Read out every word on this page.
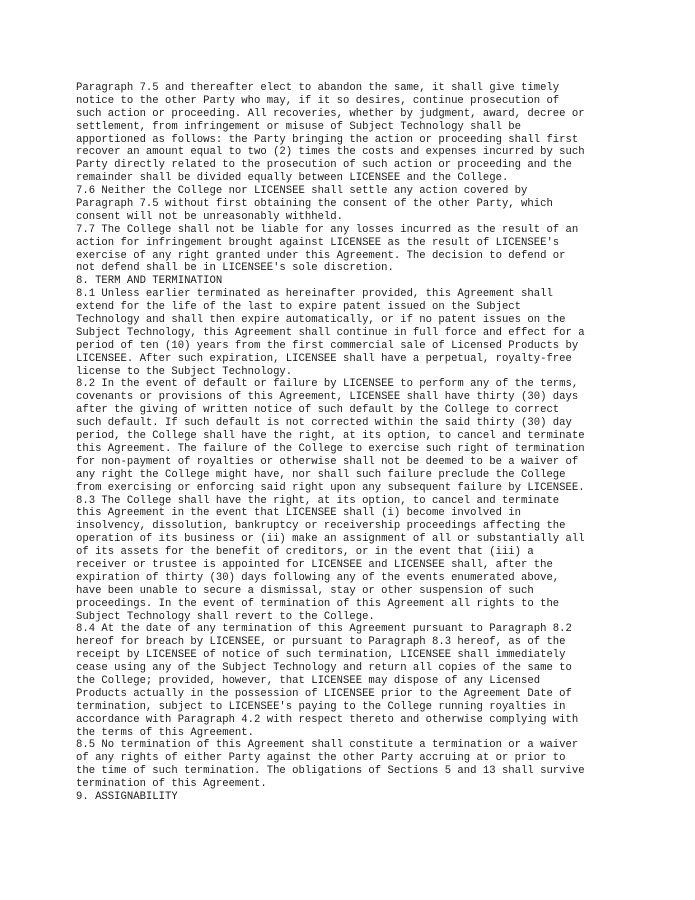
Paragraph 7.5 and thereafter elect to abandon the same, it shall give timely
notice to the other Party who may, if it so desires, continue prosecution of
such action or proceeding. All recoveries, whether by judgment, award, decree or
settlement, from infringement or misuse of Subject Technology shall be
apportioned as follows: the Party bringing the action or proceeding shall first
recover an amount equal to two (2) times the costs and expenses incurred by such
Party directly related to the prosecution of such action or proceeding and the
remainder shall be divided equally between LICENSEE and the College.
7.6 Neither the College nor LICENSEE shall settle any action covered by
Paragraph 7.5 without first obtaining the consent of the other Party, which
consent will not be unreasonably withheld.
7.7 The College shall not be liable for any losses incurred as the result of an
action for infringement brought against LICENSEE as the result of LICENSEE's
exercise of any right granted under this Agreement. The decision to defend or
not defend shall be in LICENSEE's sole discretion.
8. TERM AND TERMINATION
8.1 Unless earlier terminated as hereinafter provided, this Agreement shall
extend for the life of the last to expire patent issued on the Subject
Technology and shall then expire automatically, or if no patent issues on the
Subject Technology, this Agreement shall continue in full force and effect for a
period of ten (10) years from the first commercial sale of Licensed Products by
LICENSEE. After such expiration, LICENSEE shall have a perpetual, royalty-free
license to the Subject Technology.
8.2 In the event of default or failure by LICENSEE to perform any of the terms,
covenants or provisions of this Agreement, LICENSEE shall have thirty (30) days
after the giving of written notice of such default by the College to correct
such default. If such default is not corrected within the said thirty (30) day
period, the College shall have the right, at its option, to cancel and terminate
this Agreement. The failure of the College to exercise such right of termination
for non-payment of royalties or otherwise shall not be deemed to be a waiver of
any right the College might have, nor shall such failure preclude the College
from exercising or enforcing said right upon any subsequent failure by LICENSEE.
8.3 The College shall have the right, at its option, to cancel and terminate
this Agreement in the event that LICENSEE shall (i) become involved in
insolvency, dissolution, bankruptcy or receivership proceedings affecting the
operation of its business or (ii) make an assignment of all or substantially all
of its assets for the benefit of creditors, or in the event that (iii) a
receiver or trustee is appointed for LICENSEE and LICENSEE shall, after the
expiration of thirty (30) days following any of the events enumerated above,
have been unable to secure a dismissal, stay or other suspension of such
proceedings. In the event of termination of this Agreement all rights to the
Subject Technology shall revert to the College.
8.4 At the date of any termination of this Agreement pursuant to Paragraph 8.2
hereof for breach by LICENSEE, or pursuant to Paragraph 8.3 hereof, as of the
receipt by LICENSEE of notice of such termination, LICENSEE shall immediately
cease using any of the Subject Technology and return all copies of the same to
the College; provided, however, that LICENSEE may dispose of any Licensed
Products actually in the possession of LICENSEE prior to the Agreement Date of
termination, subject to LICENSEE's paying to the College running royalties in
accordance with Paragraph 4.2 with respect thereto and otherwise complying with
the terms of this Agreement.
8.5 No termination of this Agreement shall constitute a termination or a waiver
of any rights of either Party against the other Party accruing at or prior to
the time of such termination. The obligations of Sections 5 and 13 shall survive
termination of this Agreement.
9. ASSIGNABILITY
